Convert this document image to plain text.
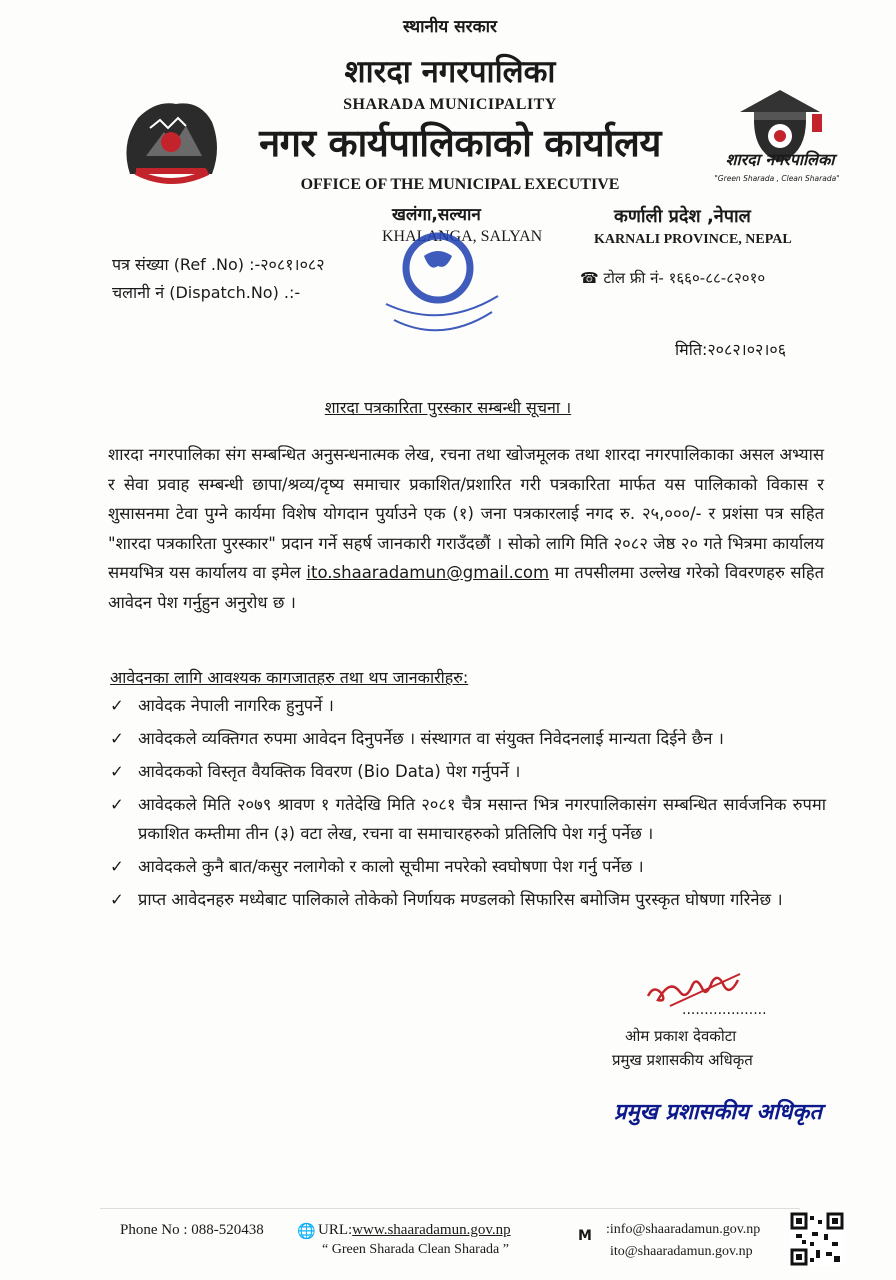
शारदा नगरपालिका
"Green Sharada , Clean Sharada"
स्थानीय सरकार
शारदा नगरपालिका
SHARADA MUNICIPALITY
नगर कार्यपालिकाको कार्यालय
OFFICE OF THE MUNICIPAL EXECUTIVE
खलंगा,सल्यान
KHALANGA, SALYAN
कर्णाली प्रदेश ,नेपाल
KARNALI PROVINCE, NEPAL
पत्र संख्या (Ref .No) :-२०८१।०८२
चलानी नं (Dispatch.No) .:-
☎ टोल फ्री नं- १६६०-८८-८२०१०
मिति:२०८२।०२।०६
शारदा पत्रकारिता पुरस्कार सम्बन्धी सूचना ।
शारदा नगरपालिका संग सम्बन्धित अनुसन्धनात्मक लेख, रचना तथा खोजमूलक तथा शारदा नगरपालिकाका असल अभ्यास र सेवा प्रवाह सम्बन्धी छापा/श्रव्य/दृष्य समाचार प्रकाशित/प्रशारित गरी पत्रकारिता मार्फत यस पालिकाको विकास र शुसासनमा टेवा पुग्ने कार्यमा विशेष योगदान पुर्याउने एक (१) जना पत्रकारलाई नगद रु. २५,०००/- र प्रशंसा पत्र सहित "शारदा पत्रकारिता पुरस्कार" प्रदान गर्ने सहर्ष जानकारी गराउँदछौं । सोको लागि मिति २०८२ जेष्ठ २० गते भित्रमा कार्यालय समयभित्र यस कार्यालय वा इमेल ito.shaaradamun@gmail.com मा तपसीलमा उल्लेख गरेको विवरणहरु सहित आवेदन पेश गर्नुहुन अनुरोध छ ।
आवेदनका लागि आवश्यक कागजातहरु तथा थप जानकारीहरु:
✓ आवेदक नेपाली नागरिक हुनुपर्ने ।
✓ आवेदकले व्यक्तिगत रुपमा आवेदन दिनुपर्नेछ । संस्थागत वा संयुक्त निवेदनलाई मान्यता दिईने छैन ।
✓ आवेदकको विस्तृत वैयक्तिक विवरण (Bio Data) पेश गर्नुपर्ने ।
✓ आवेदकले मिति २०७९ श्रावण १ गतेदेखि मिति २०८१ चैत्र मसान्त भित्र नगरपालिकासंग सम्बन्धित सार्वजनिक रुपमा प्रकाशित कम्तीमा तीन (३) वटा लेख, रचना वा समाचारहरुको प्रतिलिपि पेश गर्नु पर्नेछ ।
✓ आवेदकले कुनै बात/कसुर नलागेको र कालो सूचीमा नपरेको स्वघोषणा पेश गर्नु पर्नेछ ।
✓ प्राप्त आवेदनहरु मध्येबाट पालिकाले तोकेको निर्णायक मण्डलको सिफारिस बमोजिम पुरस्कृत घोषणा गरिनेछ ।
...................
ओम प्रकाश देवकोटा
प्रमुख प्रशासकीय अधिकृत
प्रमुख प्रशासकीय अधिकृत
Phone No : 088-520438 🌐 URL:www.shaaradamun.gov.np
“ Green Sharada Clean Sharada ”
M :info@shaaradamun.gov.np
ito@shaaradamun.gov.np
